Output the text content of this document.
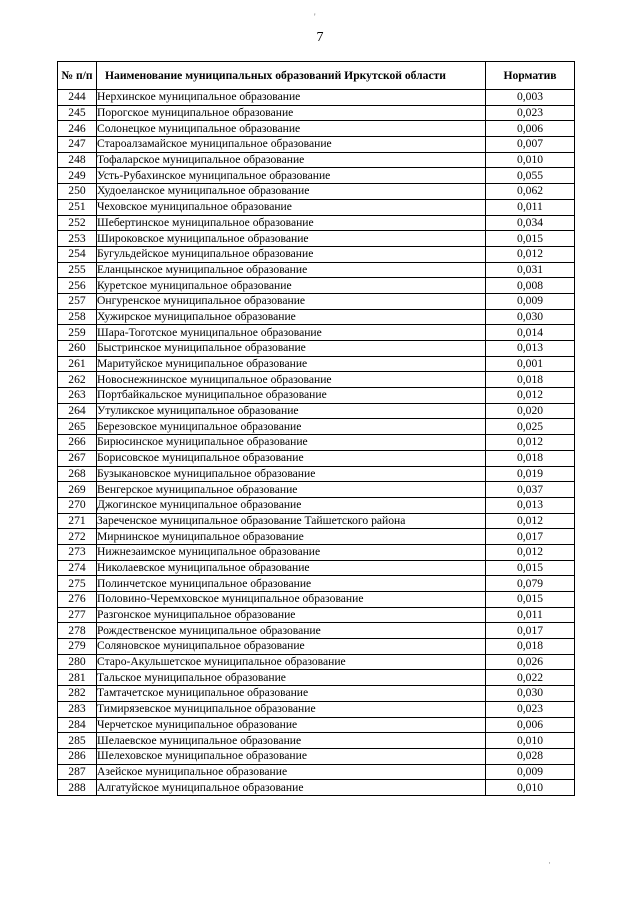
7
№ п/п	Наименование муниципальных образований Иркутской области	Норматив
244	Нерхинское муниципальное образование	0,003
245	Порогское муниципальное образование	0,023
246	Солонецкое муниципальное образование	0,006
247	Староалзамайское муниципальное образование	0,007
248	Тофаларское муниципальное образование	0,010
249	Усть-Рубахинское муниципальное образование	0,055
250	Худоеланское муниципальное образование	0,062
251	Чеховское муниципальное образование	0,011
252	Шебертинское муниципальное образование	0,034
253	Широковское муниципальное образование	0,015
254	Бугульдейское муниципальное образование	0,012
255	Еланцынское муниципальное образование	0,031
256	Куретское муниципальное образование	0,008
257	Онгуренское муниципальное образование	0,009
258	Хужирское муниципальное образование	0,030
259	Шара-Тоготское муниципальное образование	0,014
260	Быстринское муниципальное образование	0,013
261	Маритуйское муниципальное образование	0,001
262	Новоснежнинское муниципальное образование	0,018
263	Портбайкальское муниципальное образование	0,012
264	Утуликское муниципальное образование	0,020
265	Березовское муниципальное образование	0,025
266	Бирюсинское муниципальное образование	0,012
267	Борисовское муниципальное образование	0,018
268	Бузыкановское муниципальное образование	0,019
269	Венгерское муниципальное образование	0,037
270	Джогинское муниципальное образование	0,013
271	Зареченское муниципальное образование Тайшетского района	0,012
272	Мирнинское муниципальное образование	0,017
273	Нижнезаимское муниципальное образование	0,012
274	Николаевское муниципальное образование	0,015
275	Полинчетское муниципальное образование	0,079
276	Половино-Черемховское муниципальное образование	0,015
277	Разгонское муниципальное образование	0,011
278	Рождественское муниципальное образование	0,017
279	Соляновское муниципальное образование	0,018
280	Старо-Акульшетское муниципальное образование	0,026
281	Тальское муниципальное образование	0,022
282	Тамтачетское муниципальное образование	0,030
283	Тимирязевское муниципальное образование	0,023
284	Черчетское муниципальное образование	0,006
285	Шелаевское муниципальное образование	0,010
286	Шелеховское муниципальное образование	0,028
287	Азейское муниципальное образование	0,009
288	Алгатуйское муниципальное образование	0,010
'
·
